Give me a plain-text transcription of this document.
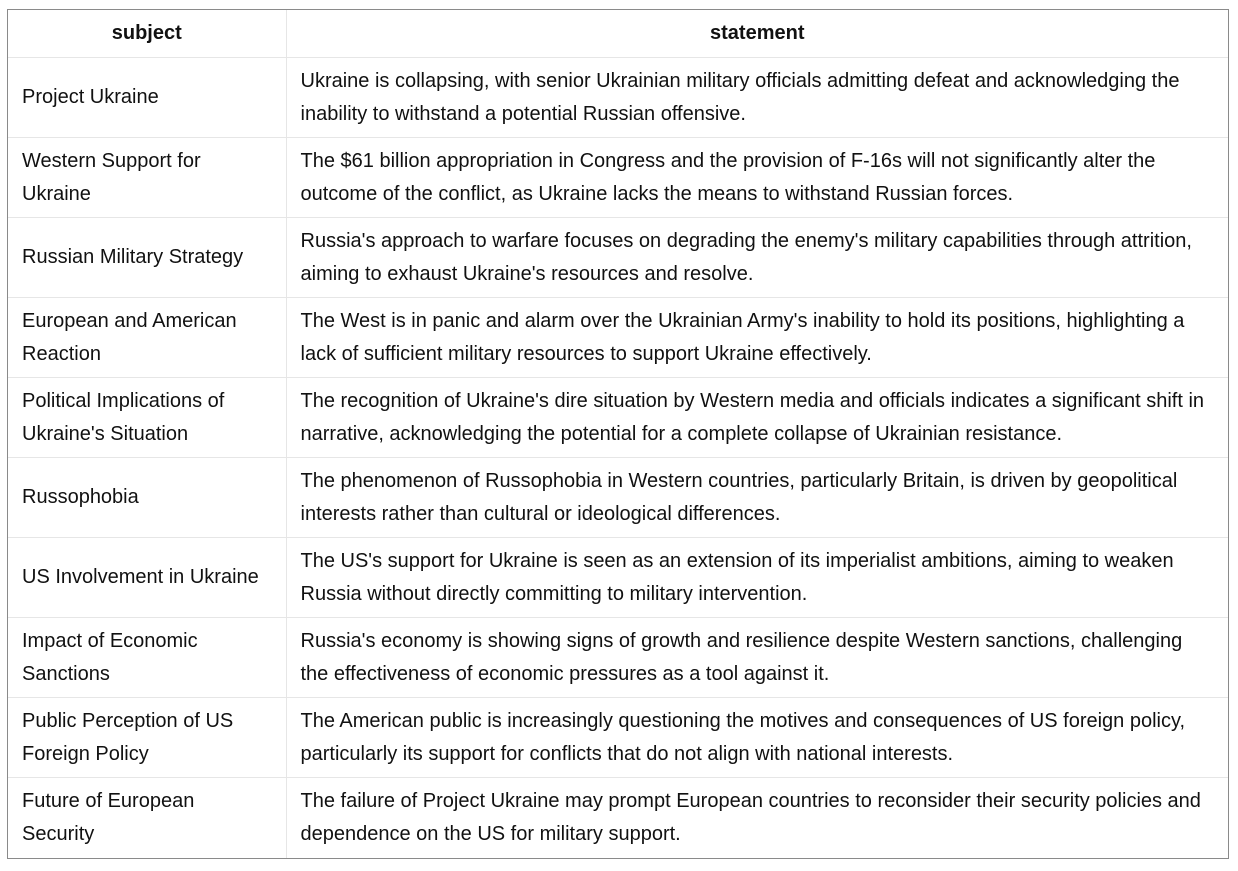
subject	statement
Project Ukraine	Ukraine is collapsing, with senior Ukrainian military officials admitting defeat and acknowledging the inability to withstand a potential Russian offensive.
Western Support for Ukraine	The $61 billion appropriation in Congress and the provision of F-16s will not significantly alter the outcome of the conflict, as Ukraine lacks the means to withstand Russian forces.
Russian Military Strategy	Russia's approach to warfare focuses on degrading the enemy's military capabilities through attrition, aiming to exhaust Ukraine's resources and resolve.
European and American Reaction	The West is in panic and alarm over the Ukrainian Army's inability to hold its positions, highlighting a lack of sufficient military resources to support Ukraine effectively.
Political Implications of Ukraine's Situation	The recognition of Ukraine's dire situation by Western media and officials indicates a significant shift in narrative, acknowledging the potential for a complete collapse of Ukrainian resistance.
Russophobia	The phenomenon of Russophobia in Western countries, particularly Britain, is driven by geopolitical interests rather than cultural or ideological differences.
US Involvement in Ukraine	The US's support for Ukraine is seen as an extension of its imperialist ambitions, aiming to weaken Russia without directly committing to military intervention.
Impact of Economic Sanctions	Russia's economy is showing signs of growth and resilience despite Western sanctions, challenging the effectiveness of economic pressures as a tool against it.
Public Perception of US Foreign Policy	The American public is increasingly questioning the motives and consequences of US foreign policy, particularly its support for conflicts that do not align with national interests.
Future of European Security	The failure of Project Ukraine may prompt European countries to reconsider their security policies and dependence on the US for military support.
